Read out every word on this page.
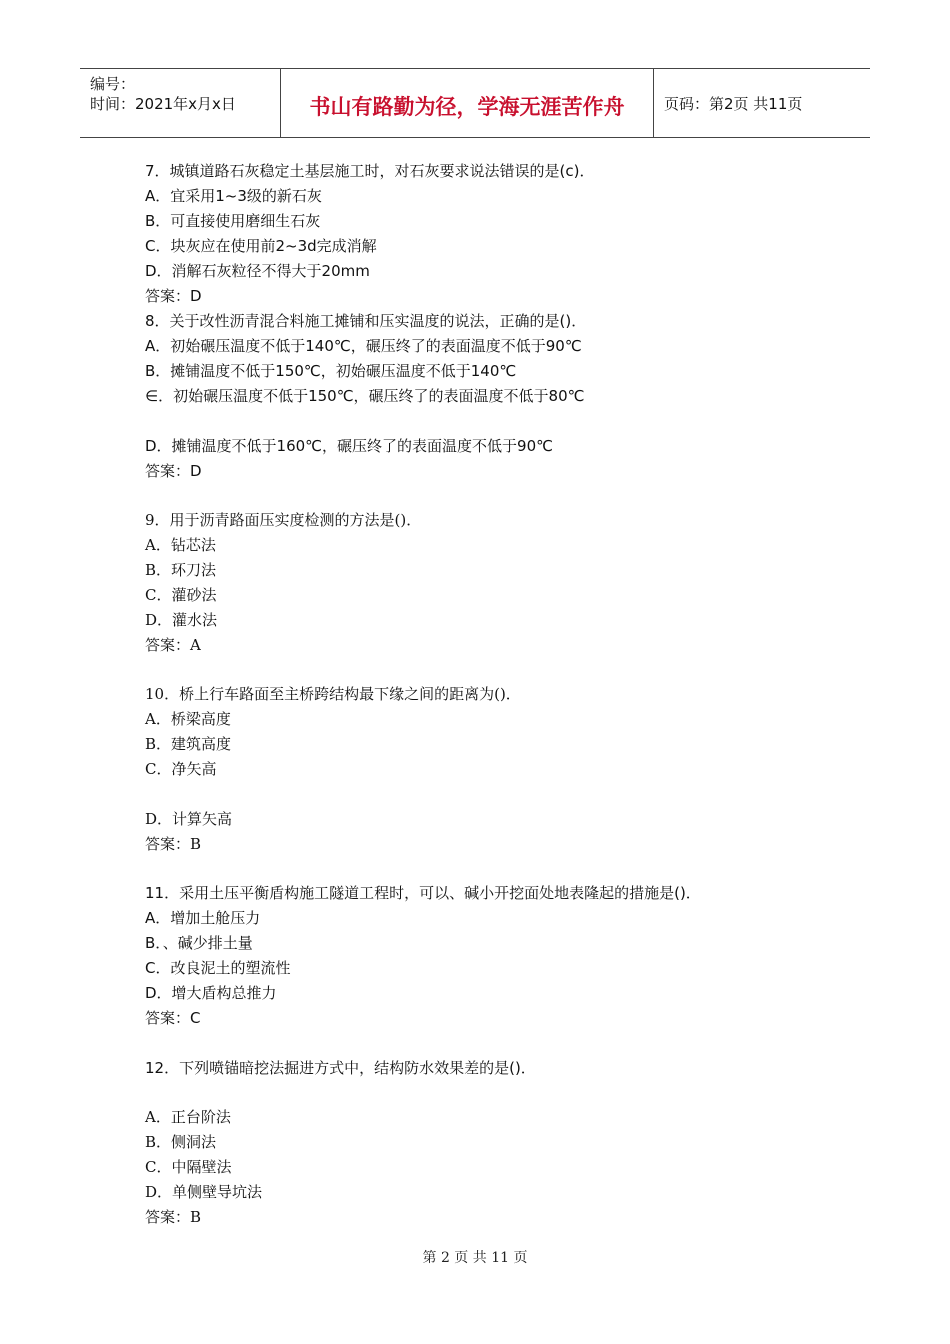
编号：
时间：2021年x月x日	书山有路勤为径，学海无涯苦作舟	页码：第2页 共11页
7．城镇道路石灰稳定土基层施工时，对石灰要求说法错误的是(c)．
A．宜采用1~3级的新石灰
B．可直接使用磨细生石灰
C．块灰应在使用前2~3d完成消解
D．消解石灰粒径不得大于20mm
答案：D
8．关于改性沥青混合料施工摊铺和压实温度的说法，正确的是()．
A．初始碾压温度不低于140℃，碾压终了的表面温度不低于90℃
B．摊铺温度不低于150℃，初始碾压温度不低于140℃
∈．初始碾压温度不低于150℃，碾压终了的表面温度不低于80℃
D．摊铺温度不低于160℃，碾压终了的表面温度不低于90℃
答案：D
9．用于沥青路面压实度检测的方法是()．
A．钻芯法
B．环刀法
C．灌砂法
D．灌水法
答案：A
10．桥上行车路面至主桥跨结构最下缘之间的距离为()．
A．桥梁高度
B．建筑高度
C．净矢高
D．计算矢高
答案：B
11．采用土压平衡盾构施工隧道工程时，可以、碱小开挖面处地表隆起的措施是()．
A．增加土舱压力
B．、碱少排土量
C．改良泥土的塑流性
D．增大盾构总推力
答案：C
12．下列喷锚暗挖法掘进方式中，结构防水效果差的是()．
A．正台阶法
B．侧洞法
C．中隔壁法
D．单侧壁导坑法
答案：B
第 2 页 共 11 页
